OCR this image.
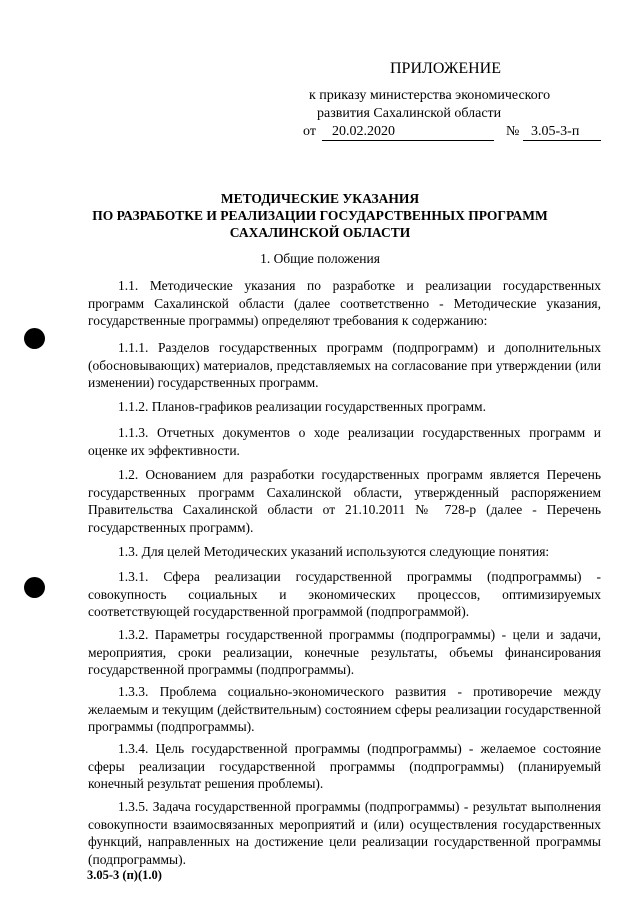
ПРИЛОЖЕНИЕ
к приказу министерства экономического
развития Сахалинской области
от	20.02.2020	№ 3.05-3-п
МЕТОДИЧЕСКИЕ УКАЗАНИЯ
ПО РАЗРАБОТКЕ И РЕАЛИЗАЦИИ ГОСУДАРСТВЕННЫХ ПРОГРАММ
САХАЛИНСКОЙ ОБЛАСТИ
1. Общие положения

1.1. Методические указания по разработке и реализации государственных программ Сахалинской области (далее соответственно - Методические указания, государственные программы) определяют требования к содержанию:

1.1.1. Разделов государственных программ (подпрограмм) и дополнительных (обосновывающих) материалов, представляемых на согласование при утверждении (или изменении) государственных программ.

1.1.2. Планов-графиков реализации государственных программ.

1.1.3. Отчетных документов о ходе реализации государственных программ и оценке их эффективности.

1.2. Основанием для разработки государственных программ является Перечень государственных программ Сахалинской области, утвержденный распоряжением Правительства Сахалинской области от 21.10.2011 № 728-р (далее - Перечень государственных программ).

1.3. Для целей Методических указаний используются следующие понятия:

1.3.1. Сфера реализации государственной программы (подпрограммы) - совокупность социальных и экономических процессов, оптимизируемых соответствующей государственной программой (подпрограммой).

1.3.2. Параметры государственной программы (подпрограммы) - цели и задачи, мероприятия, сроки реализации, конечные результаты, объемы финансирования государственной программы (подпрограммы).

1.3.3. Проблема социально-экономического развития - противоречие между желаемым и текущим (действительным) состоянием сферы реализации государственной программы (подпрограммы).

1.3.4. Цель государственной программы (подпрограммы) - желаемое состояние сферы реализации государственной программы (подпрограммы) (планируемый конечный результат решения проблемы).

1.3.5. Задача государственной программы (подпрограммы) - результат выполнения совокупности взаимосвязанных мероприятий и (или) осуществления государственных функций, направленных на достижение цели реализации государственной программы (подпрограммы).

3.05-3 (п)(1.0)
